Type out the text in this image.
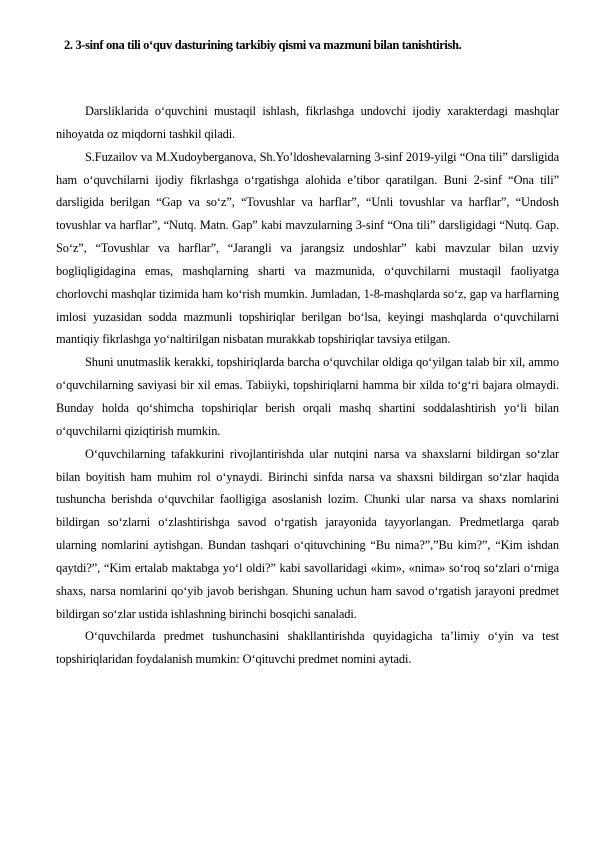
2. 3-sinf ona tili o‘quv dasturining tarkibiy qismi va mazmuni bilan tanishtirish.

Darsliklarida o‘quvchini mustaqil ishlash, fikrlashga undovchi ijodiy xarakterdagi mashqlar nihoyatda oz miqdorni tashkil qiladi.

S.Fuzailov va M.Xudoyberganova, Sh.Yo’ldoshevalarning 3-sinf 2019-yilgi “Ona tili” darsligida ham o‘quvchilarni ijodiy fikrlashga o‘rgatishga alohida e’tibor qaratilgan. Buni 2-sinf “Ona tili” darsligida berilgan “Gap va so‘z”, “Tovushlar va harflar”, “Unli tovushlar va harflar”, “Undosh tovushlar va harflar”, “Nutq. Matn. Gap” kabi mavzularning 3-sinf “Ona tili” darsligidagi “Nutq. Gap. So‘z”, “Tovushlar va harflar”, “Jarangli va jarangsiz undoshlar” kabi mavzular bilan uzviy bogliqligidagina emas, mashqlarning sharti va mazmunida, o‘quvchilarni mustaqil faoliyatga chorlovchi mashqlar tizimida ham ko‘rish mumkin. Jumladan, 1-8-mashqlarda so‘z, gap va harflarning imlosi yuzasidan sodda mazmunli topshiriqlar berilgan bo‘lsa, keyingi mashqlarda o‘quvchilarni mantiqiy fikrlashga yo‘naltirilgan nisbatan murakkab topshiriqlar tavsiya etilgan.

Shuni unutmaslik kerakki, topshiriqlarda barcha o‘quvchilar oldiga qo‘yilgan talab bir xil, ammo o‘quvchilarning saviyasi bir xil emas. Tabiiyki, topshiriqlarni hamma bir xilda to‘g‘ri bajara olmaydi. Bunday holda qo‘shimcha topshiriqlar berish orqali mashq shartini soddalashtirish yo‘li bilan o‘quvchilarni qiziqtirish mumkin.

O‘quvchilarning tafakkurini rivojlantirishda ular nutqini narsa va shaxslarni bildirgan so‘zlar bilan boyitish ham muhim rol o‘ynaydi. Birinchi sinfda narsa va shaxsni bildirgan so‘zlar haqida tushuncha berishda o‘quvchilar faolligiga asoslanish lozim. Chunki ular narsa va shaxs nomlarini bildirgan so‘zlarni o‘zlashtirishga savod o‘rgatish jarayonida tayyorlangan. Predmetlarga qarab ularning nomlarini aytishgan. Bundan tashqari o‘qituvchining “Bu nima?”,”Bu kim?”, “Kim ishdan qaytdi?”, “Kim ertalab maktabga yo‘l oldi?” kabi savollaridagi «kim», «nima» so‘roq so‘zlari o‘rniga shaxs, narsa nomlarini qo‘yib javob berishgan. Shuning uchun ham savod o‘rgatish jarayoni predmet bildirgan so‘zlar ustida ishlashning birinchi bosqichi sanaladi.

O‘quvchilarda predmet tushunchasini shakllantirishda quyidagicha ta’limiy o‘yin va test topshiriqlaridan foydalanish mumkin: O‘qituvchi predmet nomini aytadi.
